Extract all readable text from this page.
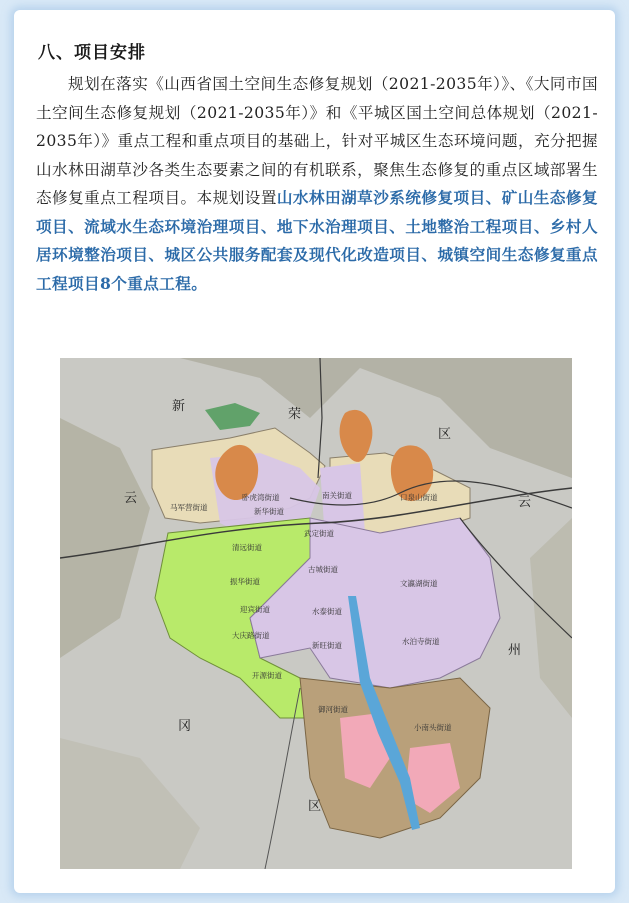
八、项目安排

规划在落实《山西省国土空间生态修复规划（2021-2035年）》、《大同市国土空间生态修复规划（2021-2035年）》和《平城区国土空间总体规划（2021-2035年）》重点工程和重点项目的基础上，针对平城区生态环境问题，充分把握山水林田湖草沙各类生态要素之间的有机联系，聚焦生态修复的重点区域部署生态修复重点工程项目。本规划设置山水林田湖草沙系统修复项目、矿山生态修复项目、流域水生态环境治理项目、地下水治理项目、土地整治工程项目、乡村人居环境整治项目、城区公共服务配套及现代化改造项目、城镇空间生态修复重点工程项目8个重点工程。

新
荣
区
云	云
州
冈
区
马军营街道
卧虎湾街道
新华街道
南关街道	口泉山街道
武定街道
清远街道
古城街道
振华街道	文瀛湖街道
迎宾街道	水泰街道
大庆路街道
新旺街道	水泊寺街道
开源街道
御河街道
小南头街道
